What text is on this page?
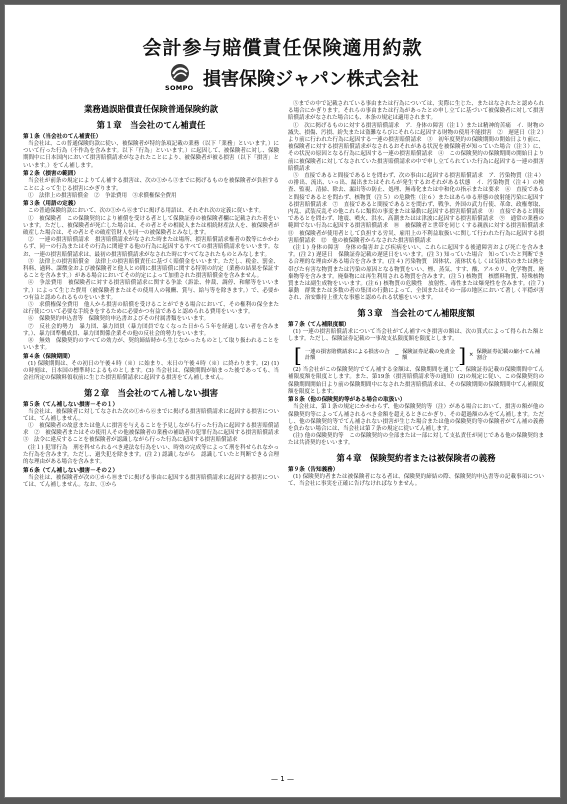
会計参与賠償責任保険適用約款
SOMPO 損害保険ジャパン株式会社
業務過誤賠償責任保険普通保険約款
第１章　当会社のてん補責任
第１条（当会社のてん補責任）
当会社は、この普通保険約款に従い、被保険者が特約条項記載の業務（以下「業務」といいます。）について行った行為（不作為を含みます。以下「行為」といいます。）に起因して、被保険者に対し、保険期間中に日本国内において損害賠償請求がなされたことにより、被保険者が被る損害（以下「損害」といいます。）をてん補します。
第２条（損害の範囲）
当会社が前条の規定によりてん補する損害は、次の①から③までに掲げるものを被保険者が負担することによって生じる損害にかぎります。
①　法律上の損害賠償金　②　争訟費用　③求償権保全費用
第３条（用語の定義）
この普通保険約款において、次の①から⑥までに掲げる用語は、それぞれ次の定義に従います。
①　被保険者　この保険契約により補償を受ける者として保険証券の被保険者欄に記載された者をいいます。ただし、被保険者が死亡した場合は、その者とその相続人または相続財産法人を、被保険者が破産した場合は、その者とその破産管財人を同一の被保険者とみなします。
②　一連の損害賠償請求　損害賠償請求がなされた時または場所、損害賠償請求権者の数等にかかわらず、同一の行為またはその行為に関連する他の行為に起因するすべての損害賠償請求をいいます。なお、一連の損害賠償請求は、最初の損害賠償請求がなされた時にすべてなされたものとみなします。
③　法律上の損害賠償金　法律上の損害賠償責任に基づく賠償金をいいます。ただし、税金、罰金、科料、過料、課徴金および被保険者と他人との間に損害賠償に関する特別の約定（業務の結果を保証することを含みます。）がある場合においてその約定によって加重された損害賠償金を含みません。
④　争訟費用　被保険者に対する損害賠償請求に関する争訟（訴訟、仲裁、調停、和解等をいいます。）によって生じた費用（被保険者またはその使用人の報酬、賞与、給与等を除きます。）で、必要かつ有益と認められるものをいいます。
⑤　求償権保全費用　他人から損害の賠償を受けることができる場合において、その権利の保全または行使について必要な手続きをするために必要かつ有益であると認められる費用をいいます。
⑥　保険契約申込書等　保険契約申込書およびその付属書類をいいます。
⑦　反社会的勢力　暴力団、暴力団員（暴力団員でなくなった日から５年を経過しない者を含みます。）、暴力団準構成員、暴力団関係企業その他の反社会的勢力をいいます。
⑧　無効　保険契約のすべての効力が、契約締結時から生じなかったものとして取り扱われることをいいます。
第４条（保険期間）
(1) 保険期間は、その初日の午後４時（※）に始まり、末日の午後４時（※）に終わります。(2) (1)の時刻は、日本国の標準時によるものとします。(3) 当会社は、保険期間が始まった後であっても、当会社所定の保険料領収前に生じた損害賠償請求に起因する損害をてん補しません。
第２章　当会社のてん補しない損害
第５条（てん補しない損害－その１）
当会社は、被保険者に対してなされた次の①から⑥までに掲げる損害賠償請求に起因する損害については、てん補しません。
①　被保険者の故意または他人に損害を与えることを予見しながら行った行為に起因する損害賠償請求　②　被保険者またはその使用人その他被保険者の業務の補助者の犯罪行為に起因する損害賠償請求　③　法令に違反することを被保険者が認識しながら行った行為に起因する損害賠償請求
(注１) 犯罪行為　刑を科せられるべき違法な行為をいい、時効の完成等によって刑を科せられなかった行為を含みます。ただし、過失犯を除きます。(注２) 認識しながら　認識していたと判断できる合理的な理由がある場合を含みます。
第６条（てん補しない損害－その２）
当会社は、被保険者が次の①から⑩までに掲げる事由に起因する損害賠償請求に起因する損害については、てん補しません。なお、①から
⑤までの中で記載されている事由または行為については、実際に生じた、またはなされたと認められる場合にかぎります。それらの事由または行為があったとの申し立てに基づいて被保険者に対して損害賠償請求がなされた場合にも、本条の規定は適用されます。
①　次に掲げるものに対する損害賠償請求　ア．身体の障害（注１）または精神的苦痛　イ．財物の滅失、損傷、汚損、紛失または盗難ならびにそれらに起因する財物の使用不能損害　②　遅延日（注２）より前に行われた行為に起因する一連の損害賠償請求　③　初年度契約の保険期間の開始日より前に、被保険者に対する損害賠償請求がなされるおそれがある状況を被保険者が知っていた場合（注３）に、その状況の原因となる行為に起因する一連の損害賠償請求　④　この保険契約の保険期間の開始日より前に被保険者に対してなされていた損害賠償請求の中で申し立てられていた行為に起因する一連の損害賠償請求
⑤　直接であると間接であるとを問わず、次の事由に起因する損害賠償請求　ア．汚染物質（注４）の排出、流出、いっ出、漏出またはそれらが発生するおそれがある状態　イ．汚染物質（注４）の検査、監視、清掃、除去、漏出等の防止、処理、無毒化または中和化の指示または要求　⑥　直接であると間接であるとを問わず、核物質（注５）の危険性（注６）またはあらゆる形態の放射能汚染に起因する損害賠償請求　⑦　直接であると間接であるとを問わず、戦争、外国の武力行使、革命、政権奪取、内乱、武装反乱その他これらに類似の事変または暴動に起因する損害賠償請求　⑧　直接であると間接であるとを問わず、地震、噴火、洪水、高潮またはは津波に起因する損害賠償請求　⑨　通常の業務の範囲でない行為に起因する損害賠償請求　⑩　被保険者と世帯を同じくする親族に対する損害賠償請求　⑪　被保険者が使用者として負担する労災、雇用上の不利益取扱いに関して行われた行為に起因する損害賠償請求　⑫　他の被保険者からなされた損害賠償請求
(注１) 身体の障害　身体の傷害および疾病をいい、これらに起因する後遺障害および死亡を含みます。(注２) 遅延日　保険証券記載の遅延日をいいます。(注３) 知っていた場合　知っていたと判断できる合理的な理由がある場合を含みます。(注４) 汚染物質　固体状、液体状もしくは気体状のまたは熱を帯びた有害な物質または汚染の原因となる物質をいい、煙、蒸気、すす、酸、アルカリ、化学物質、廃棄物等を含みます。廃棄物には再生利用される物質を含みます。(注５) 核物質　核燃料物質、特殊核物質または副生成物をいいます。(注６) 核物質の危険性　放射性、毒性または爆発性を含みます。(注７) 暴動　群衆または多数の者の集団の行動によって、全国またはその一部の地区において著しく平穏が害され、治安維持上重大な事態と認められる状態をいいます。
第３章　当会社のてん補限度額
第７条（てん補限度額）
(1) 一連の損害賠償請求について当会社がてん補すべき損害の額は、次の算式によって得られた額とします。ただし、保険証券記載の一事故支払限度額を限度とします。
[ 一連の損害賠償請求による損害の合計額
−
保険証券記載の免責金額	] ×
保険証券記載の縮小てん補割合
(2) 当会社がこの保険契約でてん補する金額は、保険期間を通じて、保険証券記載の保険期間中てん補限度額を限度とします。また、第19条（損害賠償請求等の通知）(2)の規定に従い、この保険契約の保険期間開始日より前の保険期間中になされた損害賠償請求は、その保険期間の保険期間中てん補限度額を限度とします。
第８条（他の保険契約等がある場合の取扱い）
当会社は、第１条の規定にかかわらず、他の保険契約等（注）がある場合において、損害の額が他の保険契約等によってん補されるべき金額を超えるときにかぎり、その超過額のみをてん補します。ただし、他の保険契約等でてん補されない損害が生じた場合または他の保険契約等の保険者がてん補の義務を負わない場合には、当会社は第７条の規定に従いてん補します。
(注) 他の保険契約等　この保険契約の全部または一部に対して支払責任が同じである他の保険契約または共済契約をいいます。
第４章　保険契約者または被保険者の義務
第９条（告知義務）
(1) 保険契約者または被保険者になる者は、保険契約締結の際、保険契約申込書等の記載事項について、当会社に事実を正確に告げなければなりません。
— 1 —
